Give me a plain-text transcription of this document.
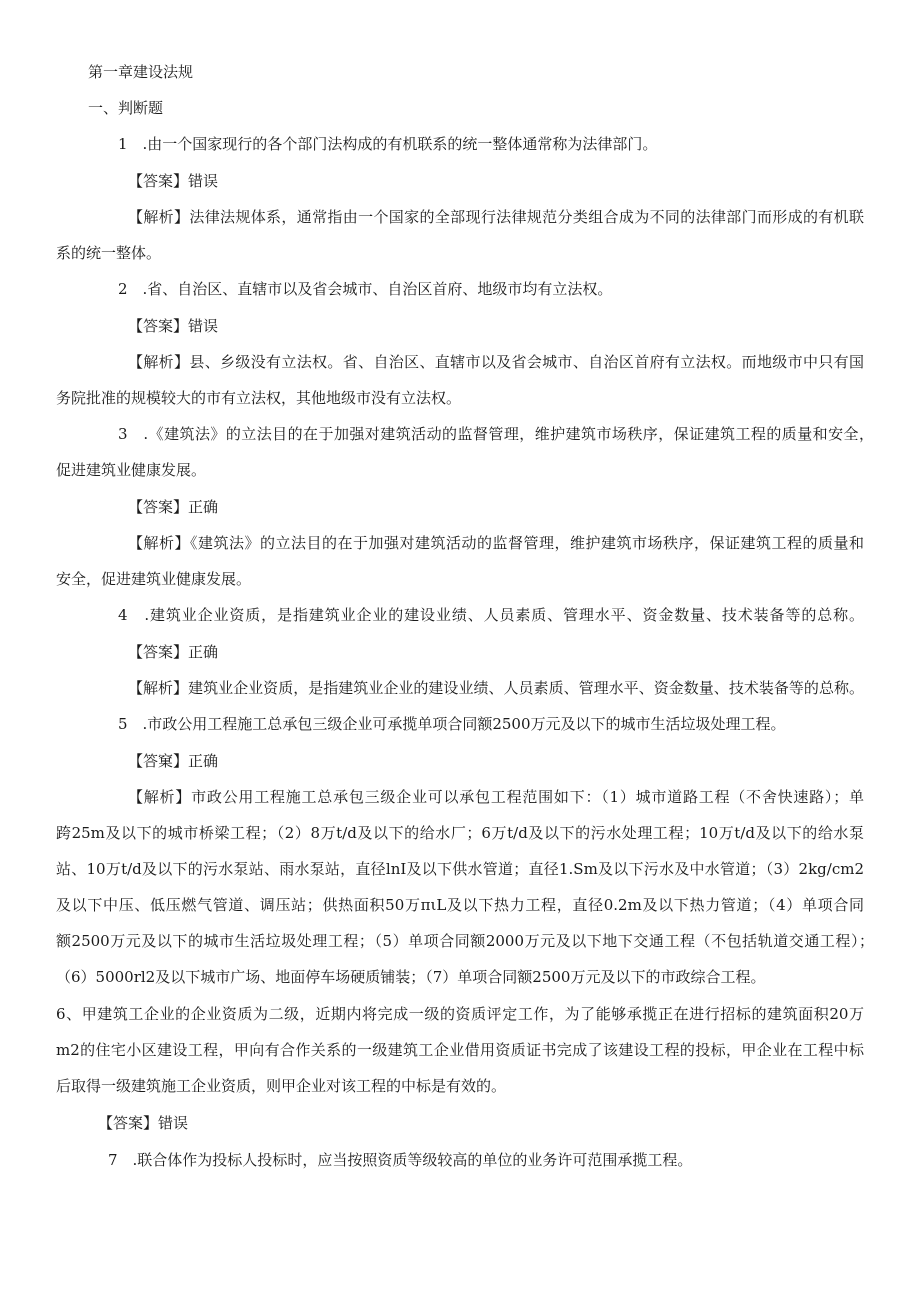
第一章建设法规
一、判断题
1　.由一个国家现行的各个部门法构成的有机联系的统一整体通常称为法律部门。
【答案】错误
【解析】法律法规体系，通常指由一个国家的全部现行法律规范分类组合成为不同的法律部门而形成的有机联
系的统一整体。
2　.省、自治区、直辖市以及省会城市、自治区首府、地级市均有立法权。
【答案】错误
【解析】县、乡级没有立法权。省、自治区、直辖市以及省会城市、自治区首府有立法权。而地级市中只有国
务院批准的规模较大的市有立法权，其他地级市没有立法权。
3　.《建筑法》的立法目的在于加强对建筑活动的监督管理，维护建筑市场秩序，保证建筑工程的质量和安全，
促进建筑业健康发展。
【答案】正确
【解析】《建筑法》的立法目的在于加强对建筑活动的监督管理，维护建筑市场秩序，保证建筑工程的质量和
安全，促进建筑业健康发展。
4　.建筑业企业资质，是指建筑业企业的建设业绩、人员素质、管理水平、资金数量、技术装备等的总称。
【答案】正确
【解析】建筑业企业资质，是指建筑业企业的建设业绩、人员素质、管理水平、资金数量、技术装备等的总称。
5　.市政公用工程施工总承包三级企业可承揽单项合同额2500万元及以下的城市生活垃圾处理工程。
【答窠】正确
【解析】市政公用工程施工总承包三级企业可以承包工程范围如下：（1）城市道路工程（不舍快速路）；单
跨25m及以下的城市桥梁工程；（2）8万t/d及以下的给水厂；6万t/d及以下的污水处理工程；10万t/d及以下的给水泵
站、10万t/d及以下的污水泵站、雨水泵站，直径lnI及以下供水管道；直径1.Sm及以下污水及中水管道；（3）2kg∕cm2
及以下中压、低压燃气管道、调压站；供热面积50万πιL及以下热力工程，直径0.2m及以下热力管道；（4）单项合同
额2500万元及以下的城市生活垃圾处理工程；（5）单项合同额2000万元及以下地下交通工程（不包括轨道交通工程）；
（6）5000rl2及以下城市广场、地面停车场硬质铺装；（7）单项合同额2500万元及以下的市政综合工程。
6、甲建筑工企业的企业资质为二级，近期内将完成一级的资质评定工作，为了能够承揽正在进行招标的建筑面积20万
m2的住宅小区建设工程，甲向有合作关系的一级建筑工企业借用资质证书完成了该建设工程的投标，甲企业在工程中标
后取得一级建筑施工企业资质，则甲企业对该工程的中标是有效的。
【答案】错误
7　.联合体作为投标人投标时，应当按照资质等级较高的单位的业务许可范围承揽工程。
